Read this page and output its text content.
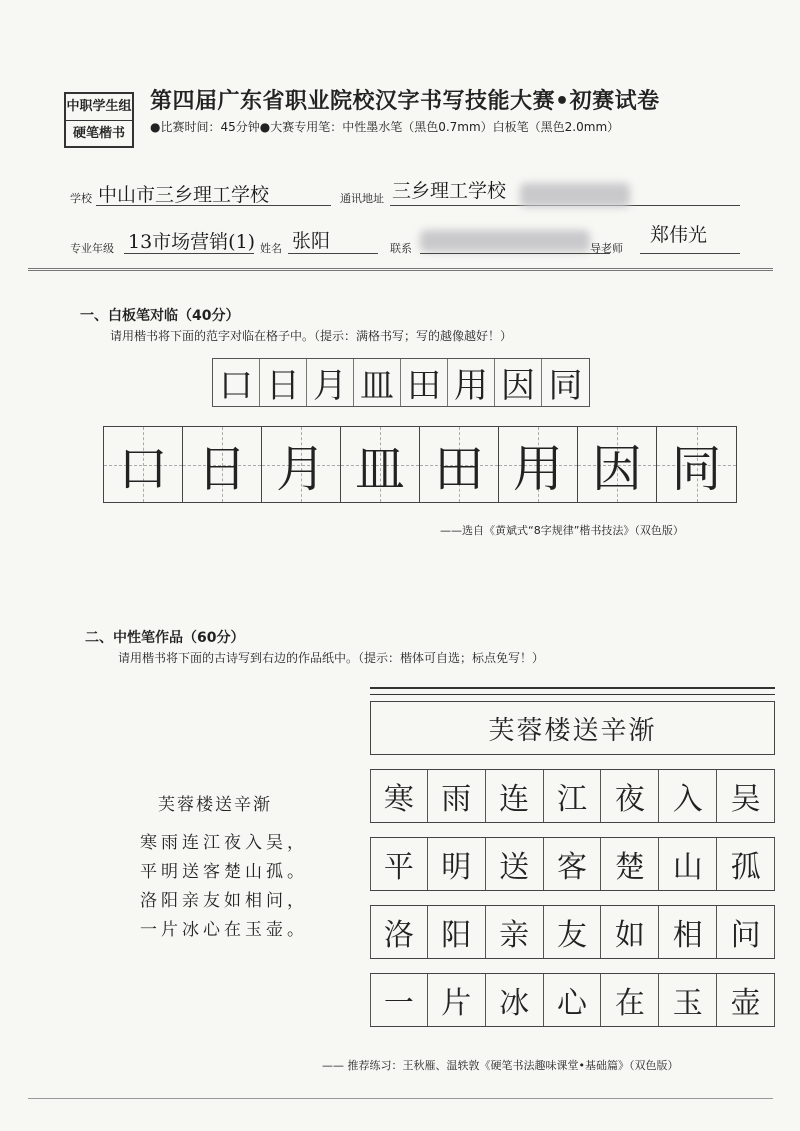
中职学生组
硬笔楷书
第四届广东省职业院校汉字书写技能大赛•初赛试卷
●比赛时间：45分钟●大赛专用笔：中性墨水笔（黑色0.7mm）白板笔（黑色2.0mm）
学校 中山市三乡理工学校	通讯地址 三乡理工学校
专业年级 13市场营销(1) 姓名 张阳	联系	导老师
郑伟光
一、白板笔对临（40分）
请用楷书将下面的范字对临在格子中。（提示：满格书写；写的越像越好！）
口 日 月 皿 田 用 因 同
口 日 月 皿 田 用 因 同
——选自《黄斌式“8字规律”楷书技法》（双色版）
二、中性笔作品（60分）
请用楷书将下面的古诗写到右边的作品纸中。（提示：楷体可自选；标点免写！）
芙蓉楼送辛渐
寒雨连江夜入吴，
平明送客楚山孤。
洛阳亲友如相问，
一片冰心在玉壶。
芙蓉楼送辛渐
寒 雨 连 江 夜 入 吴
平 明 送 客 楚 山 孤
洛 阳 亲 友 如 相 问
一 片 冰 心 在 玉 壶
—— 推荐练习：王秋雁、温轶敦《硬笔书法趣味课堂•基础篇》（双色版）
